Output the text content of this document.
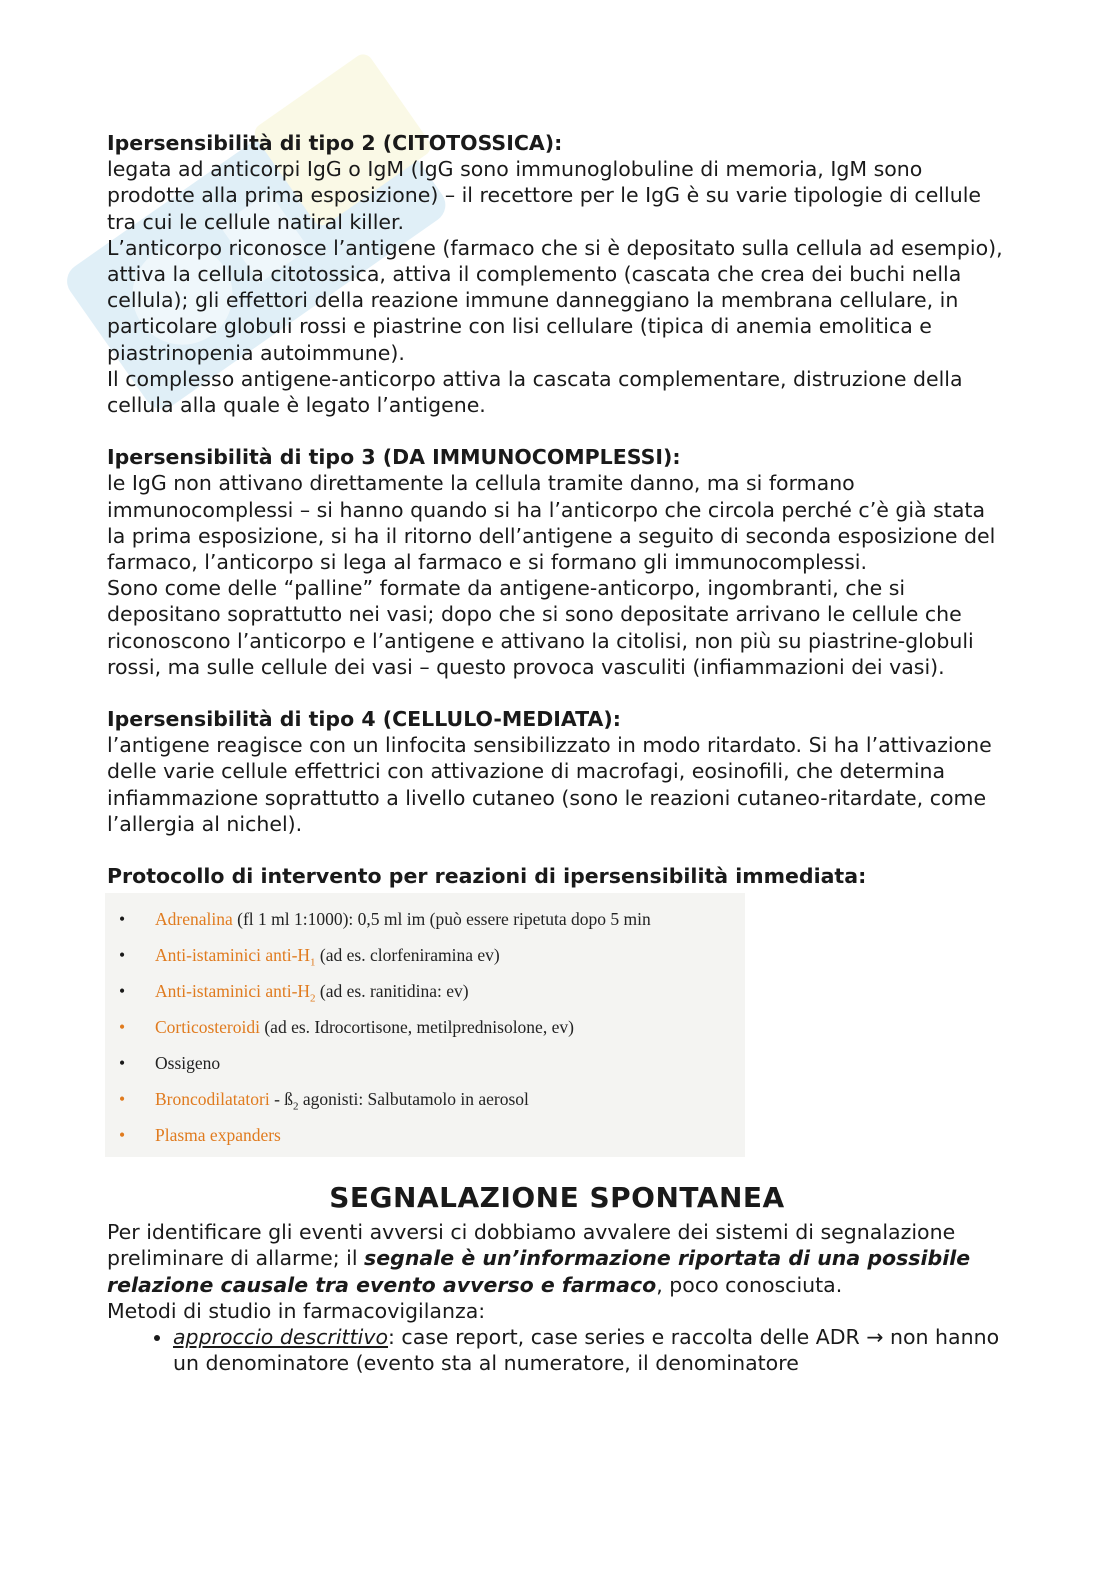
Ipersensibilità di tipo 2 (CITOTOSSICA):

legata ad anticorpi IgG o IgM (IgG sono immunoglobuline di memoria, IgM sono prodotte alla prima esposizione) – il recettore per le IgG è su varie tipologie di cellule tra cui le cellule natiral killer.

L’anticorpo riconosce l’antigene (farmaco che si è depositato sulla cellula ad esempio), attiva la cellula citotossica, attiva il complemento (cascata che crea dei buchi nella cellula); gli effettori della reazione immune danneggiano la membrana cellulare, in particolare globuli rossi e piastrine con lisi cellulare (tipica di anemia emolitica e piastrinopenia autoimmune).

Il complesso antigene-anticorpo attiva la cascata complementare, distruzione della cellula alla quale è legato l’antigene.

Ipersensibilità di tipo 3 (DA IMMUNOCOMPLESSI):

le IgG non attivano direttamente la cellula tramite danno, ma si formano immunocomplessi – si hanno quando si ha l’anticorpo che circola perché c’è già stata la prima esposizione, si ha il ritorno dell’antigene a seguito di seconda esposizione del farmaco, l’anticorpo si lega al farmaco e si formano gli immunocomplessi.

Sono come delle “palline” formate da antigene-anticorpo, ingombranti, che si depositano soprattutto nei vasi; dopo che si sono depositate arrivano le cellule che riconoscono l’anticorpo e l’antigene e attivano la citolisi, non più su piastrine-globuli rossi, ma sulle cellule dei vasi – questo provoca vasculiti (infiammazioni dei vasi).

Ipersensibilità di tipo 4 (CELLULO-MEDIATA):

l’antigene reagisce con un linfocita sensibilizzato in modo ritardato. Si ha l’attivazione delle varie cellule effettrici con attivazione di macrofagi, eosinofili, che determina infiammazione soprattutto a livello cutaneo (sono le reazioni cutaneo-ritardate, come l’allergia al nichel).

Protocollo di intervento per reazioni di ipersensibilità immediata:

•	Adrenalina (fl 1 ml 1:1000): 0,5 ml im (può essere ripetuta dopo 5 min
•	Anti-istaminici anti-$H_1$ (ad es. clorfeniramina ev)
•	Anti-istaminici anti-$H_2$ (ad es. ranitidina: ev)
•	Corticosteroidi (ad es. Idrocortisone, metilprednisolone, ev)
•	Ossigeno
•	Broncodilatatori - $ß_2$ agonisti: Salbutamolo in aerosol
•	Plasma expanders
SEGNALAZIONE SPONTANEA

Per identificare gli eventi avversi ci dobbiamo avvalere dei sistemi di segnalazione preliminare di allarme; il segnale è un’informazione riportata di una possibile relazione causale tra evento avverso e farmaco, poco conosciuta.

Metodi di studio in farmacovigilanza:

• approccio descrittivo: case report, case series e raccolta delle ADR → non hanno un denominatore (evento sta al numeratore, il denominatore
